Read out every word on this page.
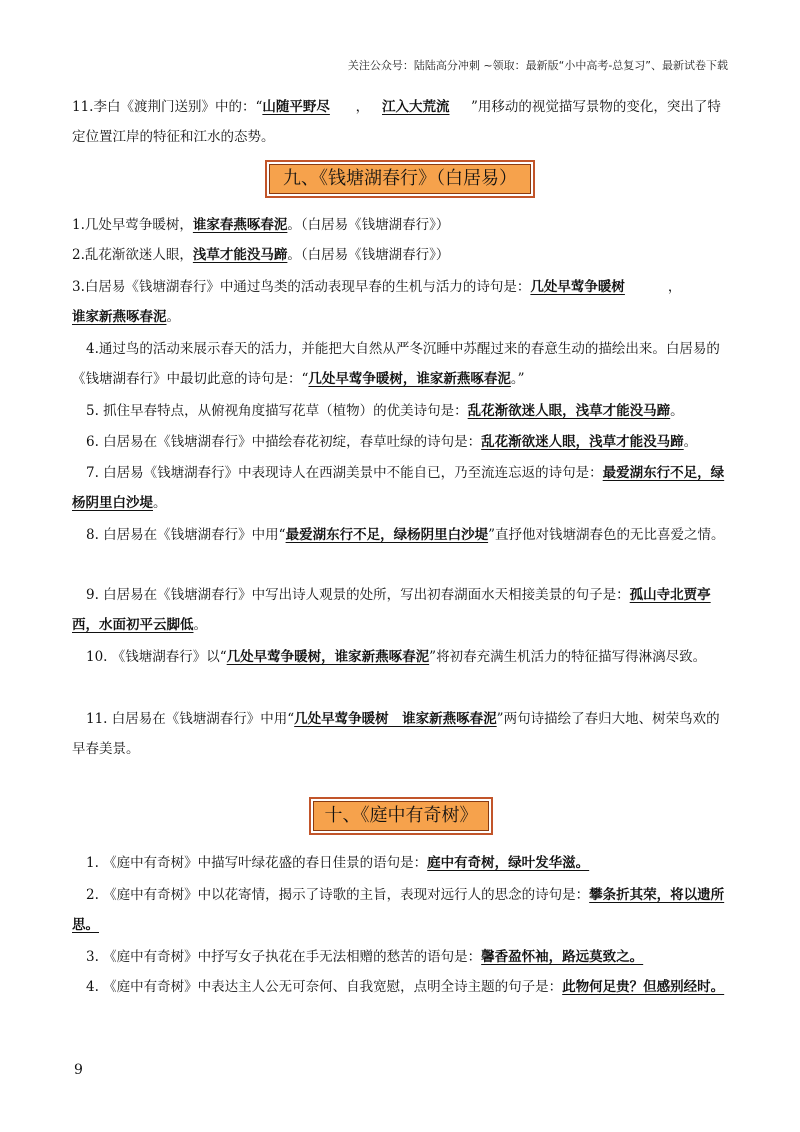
关注公众号：陆陆高分冲刺 ~领取：最新版“小中高考-总复习”、最新试卷下载

11.李白《渡荆门送别》中的：“山随平野尽 ， 江入大荒流 ”用移动的视觉描写景物的变化，突出了特定位置江岸的特征和江水的态势。

九、《钱塘湖春行》（白居易）

1.几处早莺争暖树，谁家春燕啄春泥。（白居易《钱塘湖春行》）

2.乱花渐欲迷人眼，浅草才能没马蹄。（白居易《钱塘湖春行》）

3.白居易《钱塘湖春行》中通过鸟类的活动表现早春的生机与活力的诗句是：几处早莺争暖树	，
谁家新燕啄春泥。

4.通过鸟的活动来展示春天的活力，并能把大自然从严冬沉睡中苏醒过来的春意生动的描绘出来。白居易的《钱塘湖春行》中最切此意的诗句是：“几处早莺争暖树，谁家新燕啄春泥。”

5. 抓住早春特点，从俯视角度描写花草（植物）的优美诗句是：乱花渐欲迷人眼，浅草才能没马蹄。

6. 白居易在《钱塘湖春行》中描绘春花初绽，春草吐绿的诗句是：乱花渐欲迷人眼，浅草才能没马蹄。

7. 白居易《钱塘湖春行》中表现诗人在西湖美景中不能自已，乃至流连忘返的诗句是：最爱湖东行不足，绿杨阴里白沙堤。

8. 白居易在《钱塘湖春行》中用“最爱湖东行不足，绿杨阴里白沙堤”直抒他对钱塘湖春色的无比喜爱之情。

9. 白居易在《钱塘湖春行》中写出诗人观景的处所，写出初春湖面水天相接美景的句子是：孤山寺北贾亭西，水面初平云脚低。

10. 《钱塘湖春行》以“几处早莺争暖树，谁家新燕啄春泥”将初春充满生机活力的特征描写得淋漓尽致。

11. 白居易在《钱塘湖春行》中用“几处早莺争暖树　谁家新燕啄春泥”两句诗描绘了春归大地、树荣鸟欢的早春美景。

十、《庭中有奇树》

1. 《庭中有奇树》中描写叶绿花盛的春日佳景的语句是：庭中有奇树，绿叶发华滋。

2. 《庭中有奇树》中以花寄情，揭示了诗歌的主旨，表现对远行人的思念的诗句是：攀条折其荣，将以遗所思。

3. 《庭中有奇树》中抒写女子执花在手无法相赠的愁苦的语句是：馨香盈怀袖，路远莫致之。

4. 《庭中有奇树》中表达主人公无可奈何、自我宽慰，点明全诗主题的句子是：此物何足贵？但感别经时。

9
